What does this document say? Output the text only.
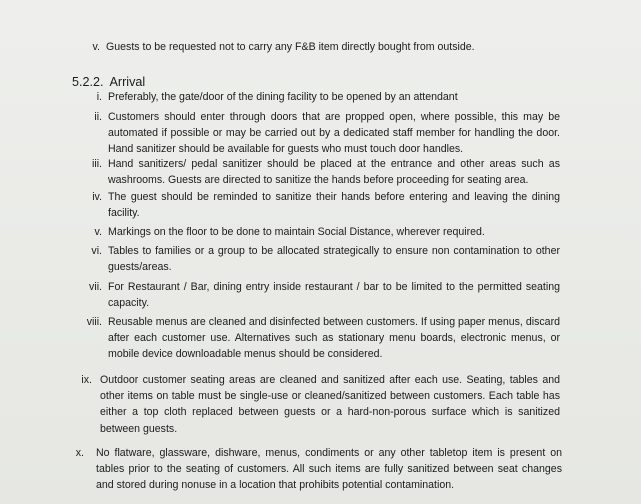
v. Guests to be requested not to carry any F&B item directly bought from outside.
5.2.2. Arrival
i. Preferably, the gate/door of the dining facility to be opened by an attendant
ii. Customers should enter through doors that are propped open, where possible, this may be automated if possible or may be carried out by a dedicated staff member for handling the door. Hand sanitizer should be available for guests who must touch door handles.
iii. Hand sanitizers/ pedal sanitizer should be placed at the entrance and other areas such as washrooms. Guests are directed to sanitize the hands before proceeding for seating area.
iv. The guest should be reminded to sanitize their hands before entering and leaving the dining facility.
v. Markings on the floor to be done to maintain Social Distance, wherever required.
vi. Tables to families or a group to be allocated strategically to ensure non contamination to other guests/areas.
vii. For Restaurant / Bar, dining entry inside restaurant / bar to be limited to the permitted seating capacity.
viii. Reusable menus are cleaned and disinfected between customers. If using paper menus, discard after each customer use. Alternatives such as stationary menu boards, electronic menus, or mobile device downloadable menus should be considered.
ix. Outdoor customer seating areas are cleaned and sanitized after each use. Seating, tables and other items on table must be single-use or cleaned/sanitized between customers. Each table has either a top cloth replaced between guests or a hard-non-porous surface which is sanitized between guests.
x. No flatware, glassware, dishware, menus, condiments or any other tabletop item is present on tables prior to the seating of customers. All such items are fully sanitized between seat changes and stored during nonuse in a location that prohibits potential contamination.
